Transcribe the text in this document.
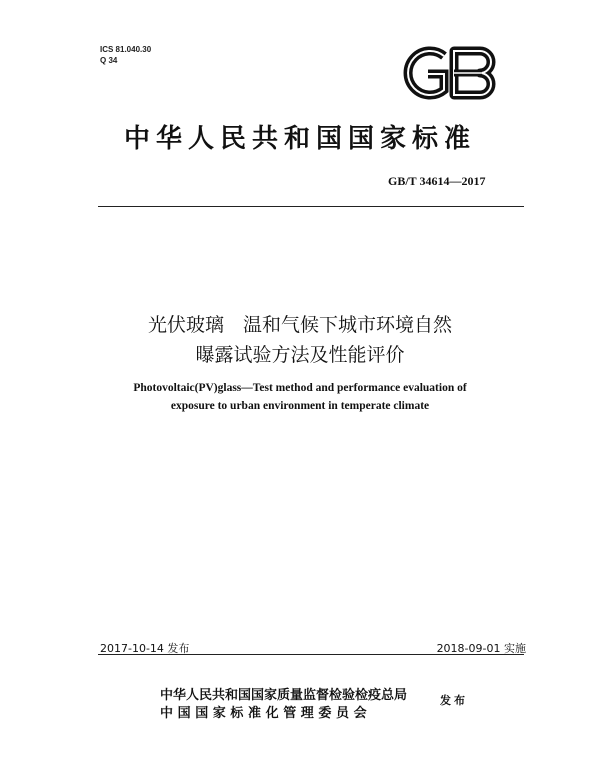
ICS 81.040.30
Q 34
中华人民共和国国家标准
GB/T 34614—2017
光伏玻璃　温和气候下城市环境自然
曝露试验方法及性能评价
Photovoltaic(PV)glass—Test method and performance evaluation of
exposure to urban environment in temperate climate
2017-10-14 发布	2018-09-01 实施
中华人民共和国国家质量监督检验检疫总局
中国国家标准化管理委员会
发布
